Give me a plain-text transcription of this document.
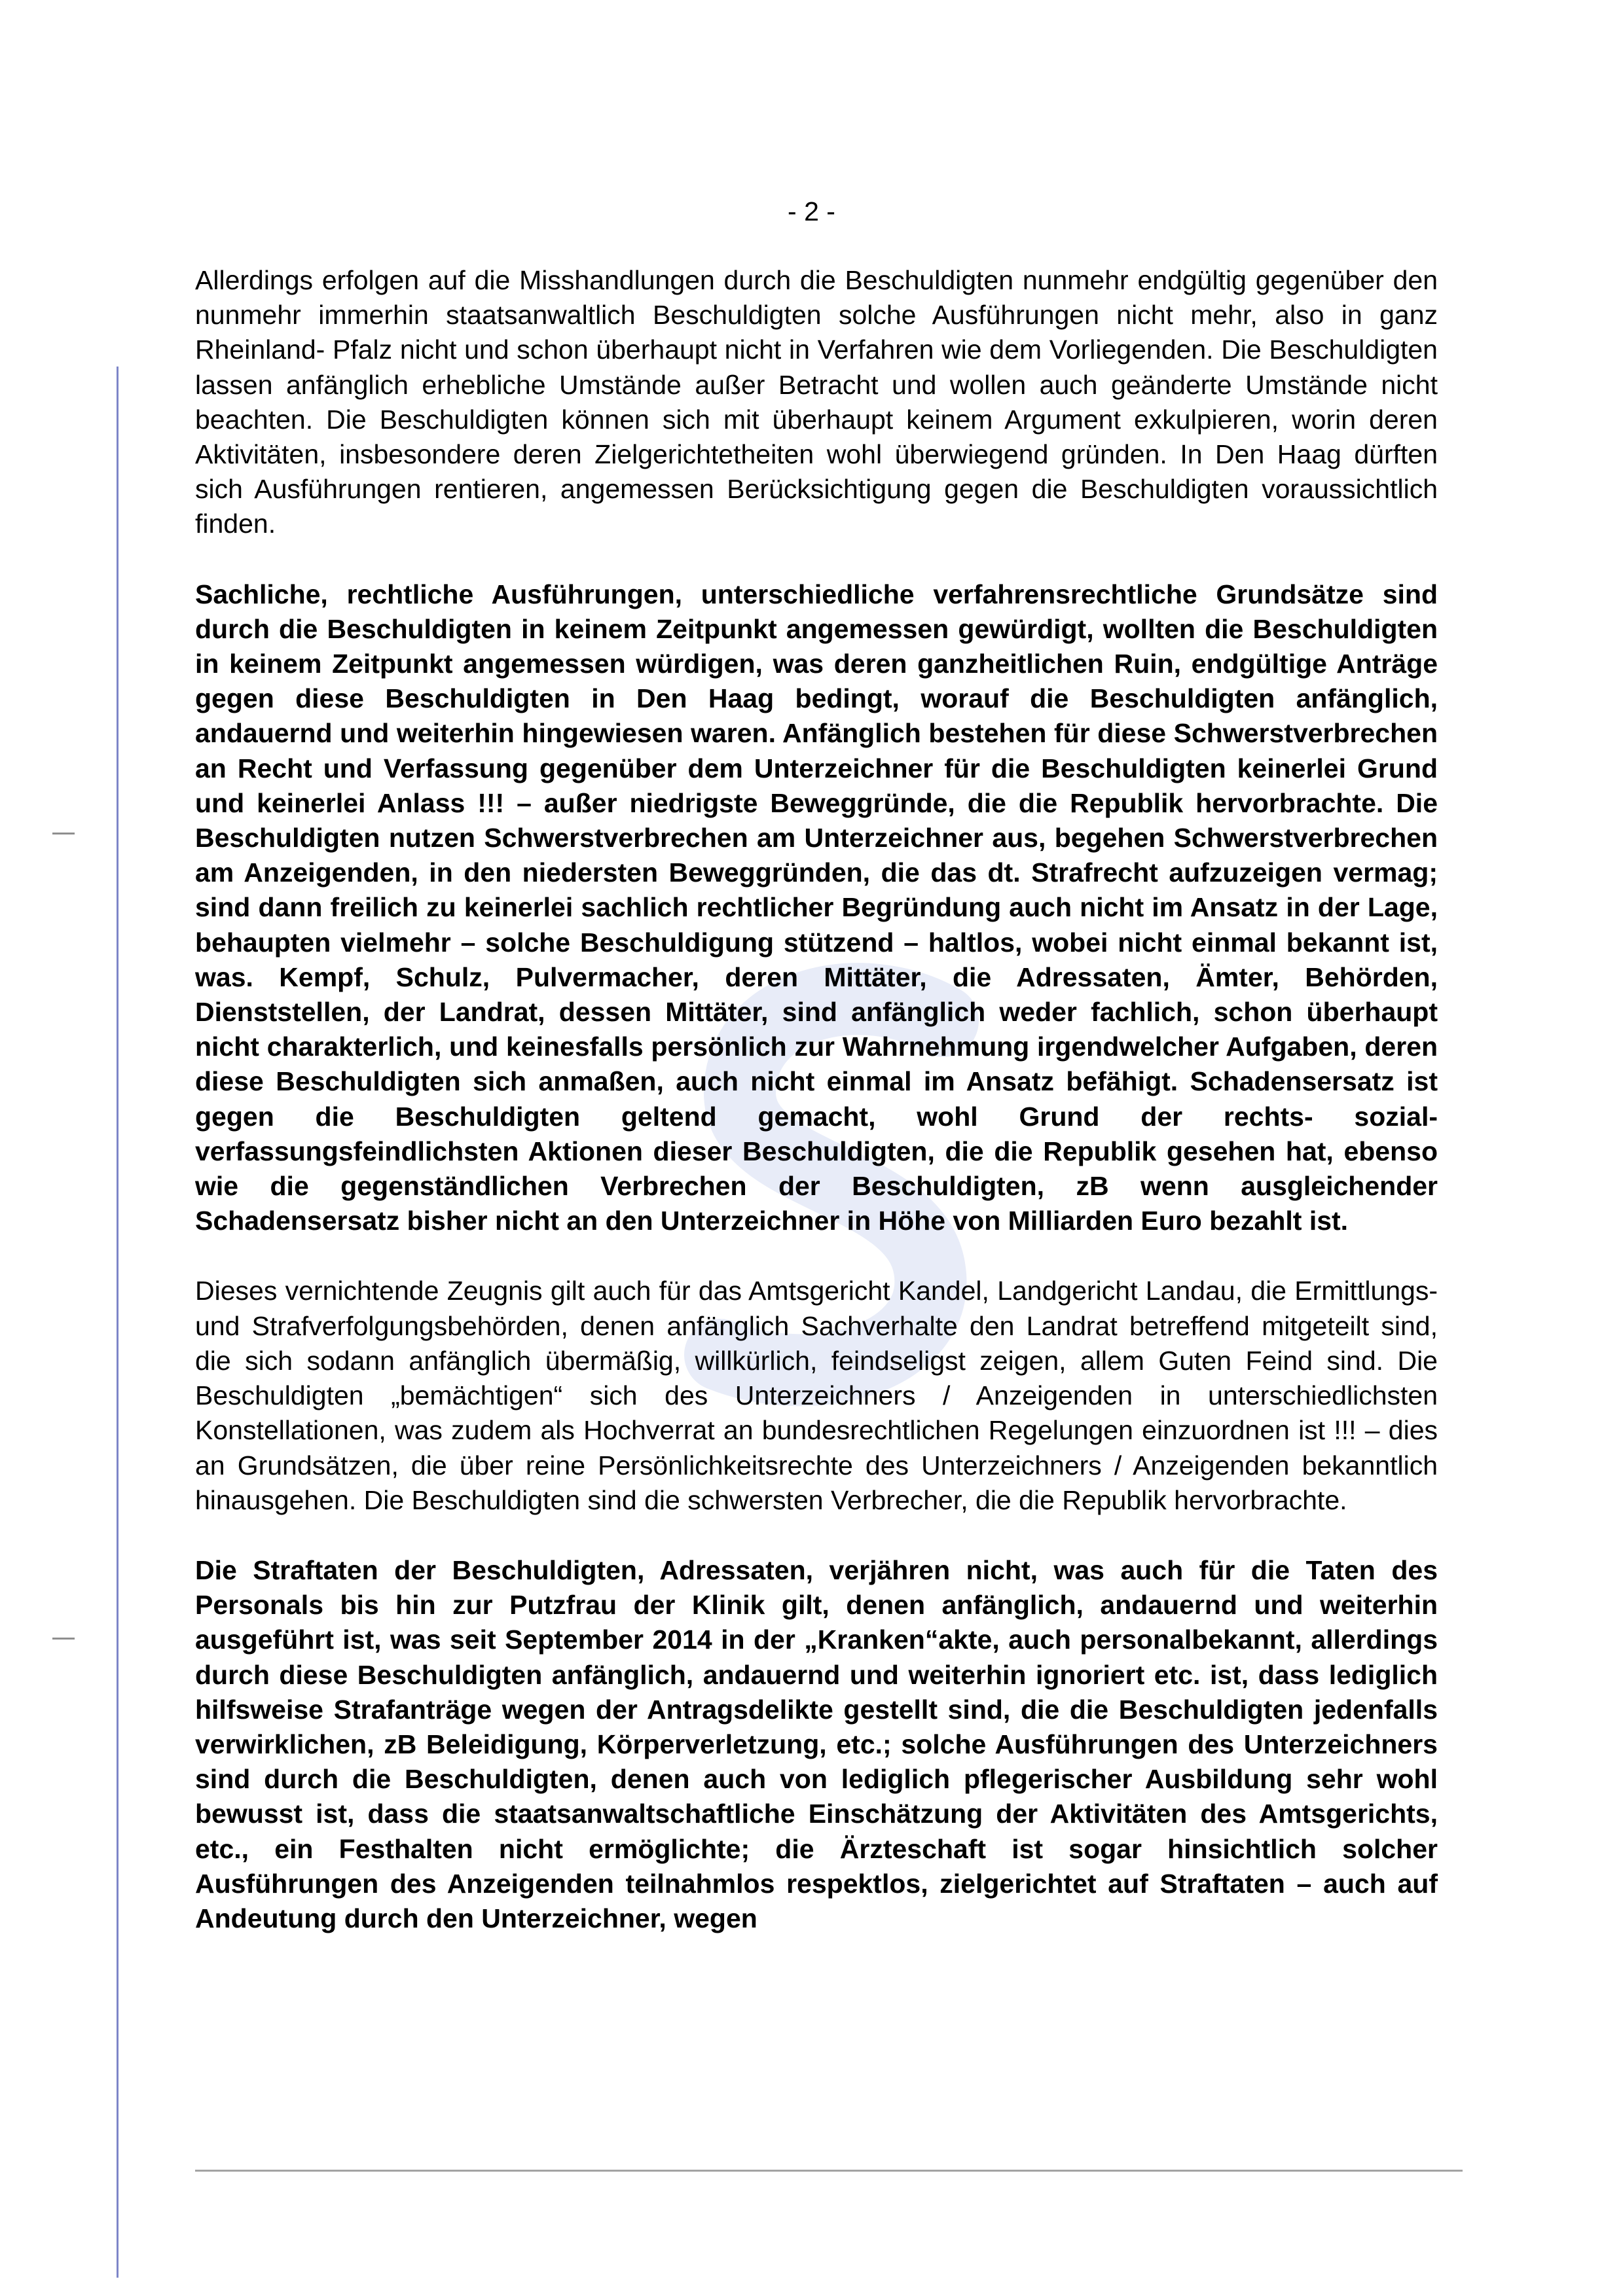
- 2 -

Allerdings erfolgen auf die Misshandlungen durch die Beschuldigten nunmehr endgültig gegenüber den nunmehr immerhin staatsanwaltlich Beschuldigten solche Ausführungen nicht mehr, also in ganz Rheinland- Pfalz nicht und schon überhaupt nicht in Verfahren wie dem Vorliegenden. Die Beschuldigten lassen anfänglich erhebliche Umstände außer Betracht und wollen auch geänderte Umstände nicht beachten. Die Beschuldigten können sich mit überhaupt keinem Argument exkulpieren, worin deren Aktivitäten, insbesondere deren Zielgerichtetheiten wohl überwiegend gründen. In Den Haag dürften sich Ausführungen rentieren, angemessen Berücksichtigung gegen die Beschuldigten voraussichtlich finden.

Sachliche, rechtliche Ausführungen, unterschiedliche verfahrensrechtliche Grundsätze sind durch die Beschuldigten in keinem Zeitpunkt angemessen gewürdigt, wollten die Beschuldigten in keinem Zeitpunkt angemessen würdigen, was deren ganzheitlichen Ruin, endgültige Anträge gegen diese Beschuldigten in Den Haag bedingt, worauf die Beschuldigten anfänglich, andauernd und weiterhin hingewiesen waren. Anfänglich bestehen für diese Schwerstverbrechen an Recht und Verfassung gegenüber dem Unterzeichner für die Beschuldigten keinerlei Grund und keinerlei Anlass !!! – außer niedrigste Beweggründe, die die Republik hervorbrachte. Die Beschuldigten nutzen Schwerstverbrechen am Unterzeichner aus, begehen Schwerstverbrechen am Anzeigenden, in den niedersten Beweggründen, die das dt. Strafrecht aufzuzeigen vermag; sind dann freilich zu keinerlei sachlich rechtlicher Begründung auch nicht im Ansatz in der Lage, behaupten vielmehr – solche Beschuldigung stützend – haltlos, wobei nicht einmal bekannt ist, was. Kempf, Schulz, Pulvermacher, deren Mittäter, die Adressaten, Ämter, Behörden, Dienststellen, der Landrat, dessen Mittäter, sind anfänglich weder fachlich, schon überhaupt nicht charakterlich, und keinesfalls persönlich zur Wahrnehmung irgendwelcher Aufgaben, deren diese Beschuldigten sich anmaßen, auch nicht einmal im Ansatz befähigt. Schadensersatz ist gegen die Beschuldigten geltend gemacht, wohl Grund der rechts- sozial- verfassungsfeindlichsten Aktionen dieser Beschuldigten, die die Republik gesehen hat, ebenso wie die gegenständlichen Verbrechen der Beschuldigten, zB wenn ausgleichender Schadensersatz bisher nicht an den Unterzeichner in Höhe von Milliarden Euro bezahlt ist.

Dieses vernichtende Zeugnis gilt auch für das Amtsgericht Kandel, Landgericht Landau, die Ermittlungs- und Strafverfolgungsbehörden, denen anfänglich Sachverhalte den Landrat betreffend mitgeteilt sind, die sich sodann anfänglich übermäßig, willkürlich, feindseligst zeigen, allem Guten Feind sind. Die Beschuldigten „bemächtigen“ sich des Unterzeichners / Anzeigenden in unterschiedlichsten Konstellationen, was zudem als Hochverrat an bundesrechtlichen Regelungen einzuordnen ist !!! – dies an Grundsätzen, die über reine Persönlichkeitsrechte des Unterzeichners / Anzeigenden bekanntlich hinausgehen. Die Beschuldigten sind die schwersten Verbrecher, die die Republik hervorbrachte.

Die Straftaten der Beschuldigten, Adressaten, verjähren nicht, was auch für die Taten des Personals bis hin zur Putzfrau der Klinik gilt, denen anfänglich, andauernd und weiterhin ausgeführt ist, was seit September 2014 in der „Kranken“akte, auch personalbekannt, allerdings durch diese Beschuldigten anfänglich, andauernd und weiterhin ignoriert etc. ist, dass lediglich hilfsweise Strafanträge wegen der Antragsdelikte gestellt sind, die die Beschuldigten jedenfalls verwirklichen, zB Beleidigung, Körperverletzung, etc.; solche Ausführungen des Unterzeichners sind durch die Beschuldigten, denen auch von lediglich pflegerischer Ausbildung sehr wohl bewusst ist, dass die staatsanwaltschaftliche Einschätzung der Aktivitäten des Amtsgerichts, etc., ein Festhalten nicht ermöglichte; die Ärzteschaft ist sogar hinsichtlich solcher Ausführungen des Anzeigenden teilnahmlos respektlos, zielgerichtet auf Straftaten – auch auf Andeutung durch den Unterzeichner, wegen
